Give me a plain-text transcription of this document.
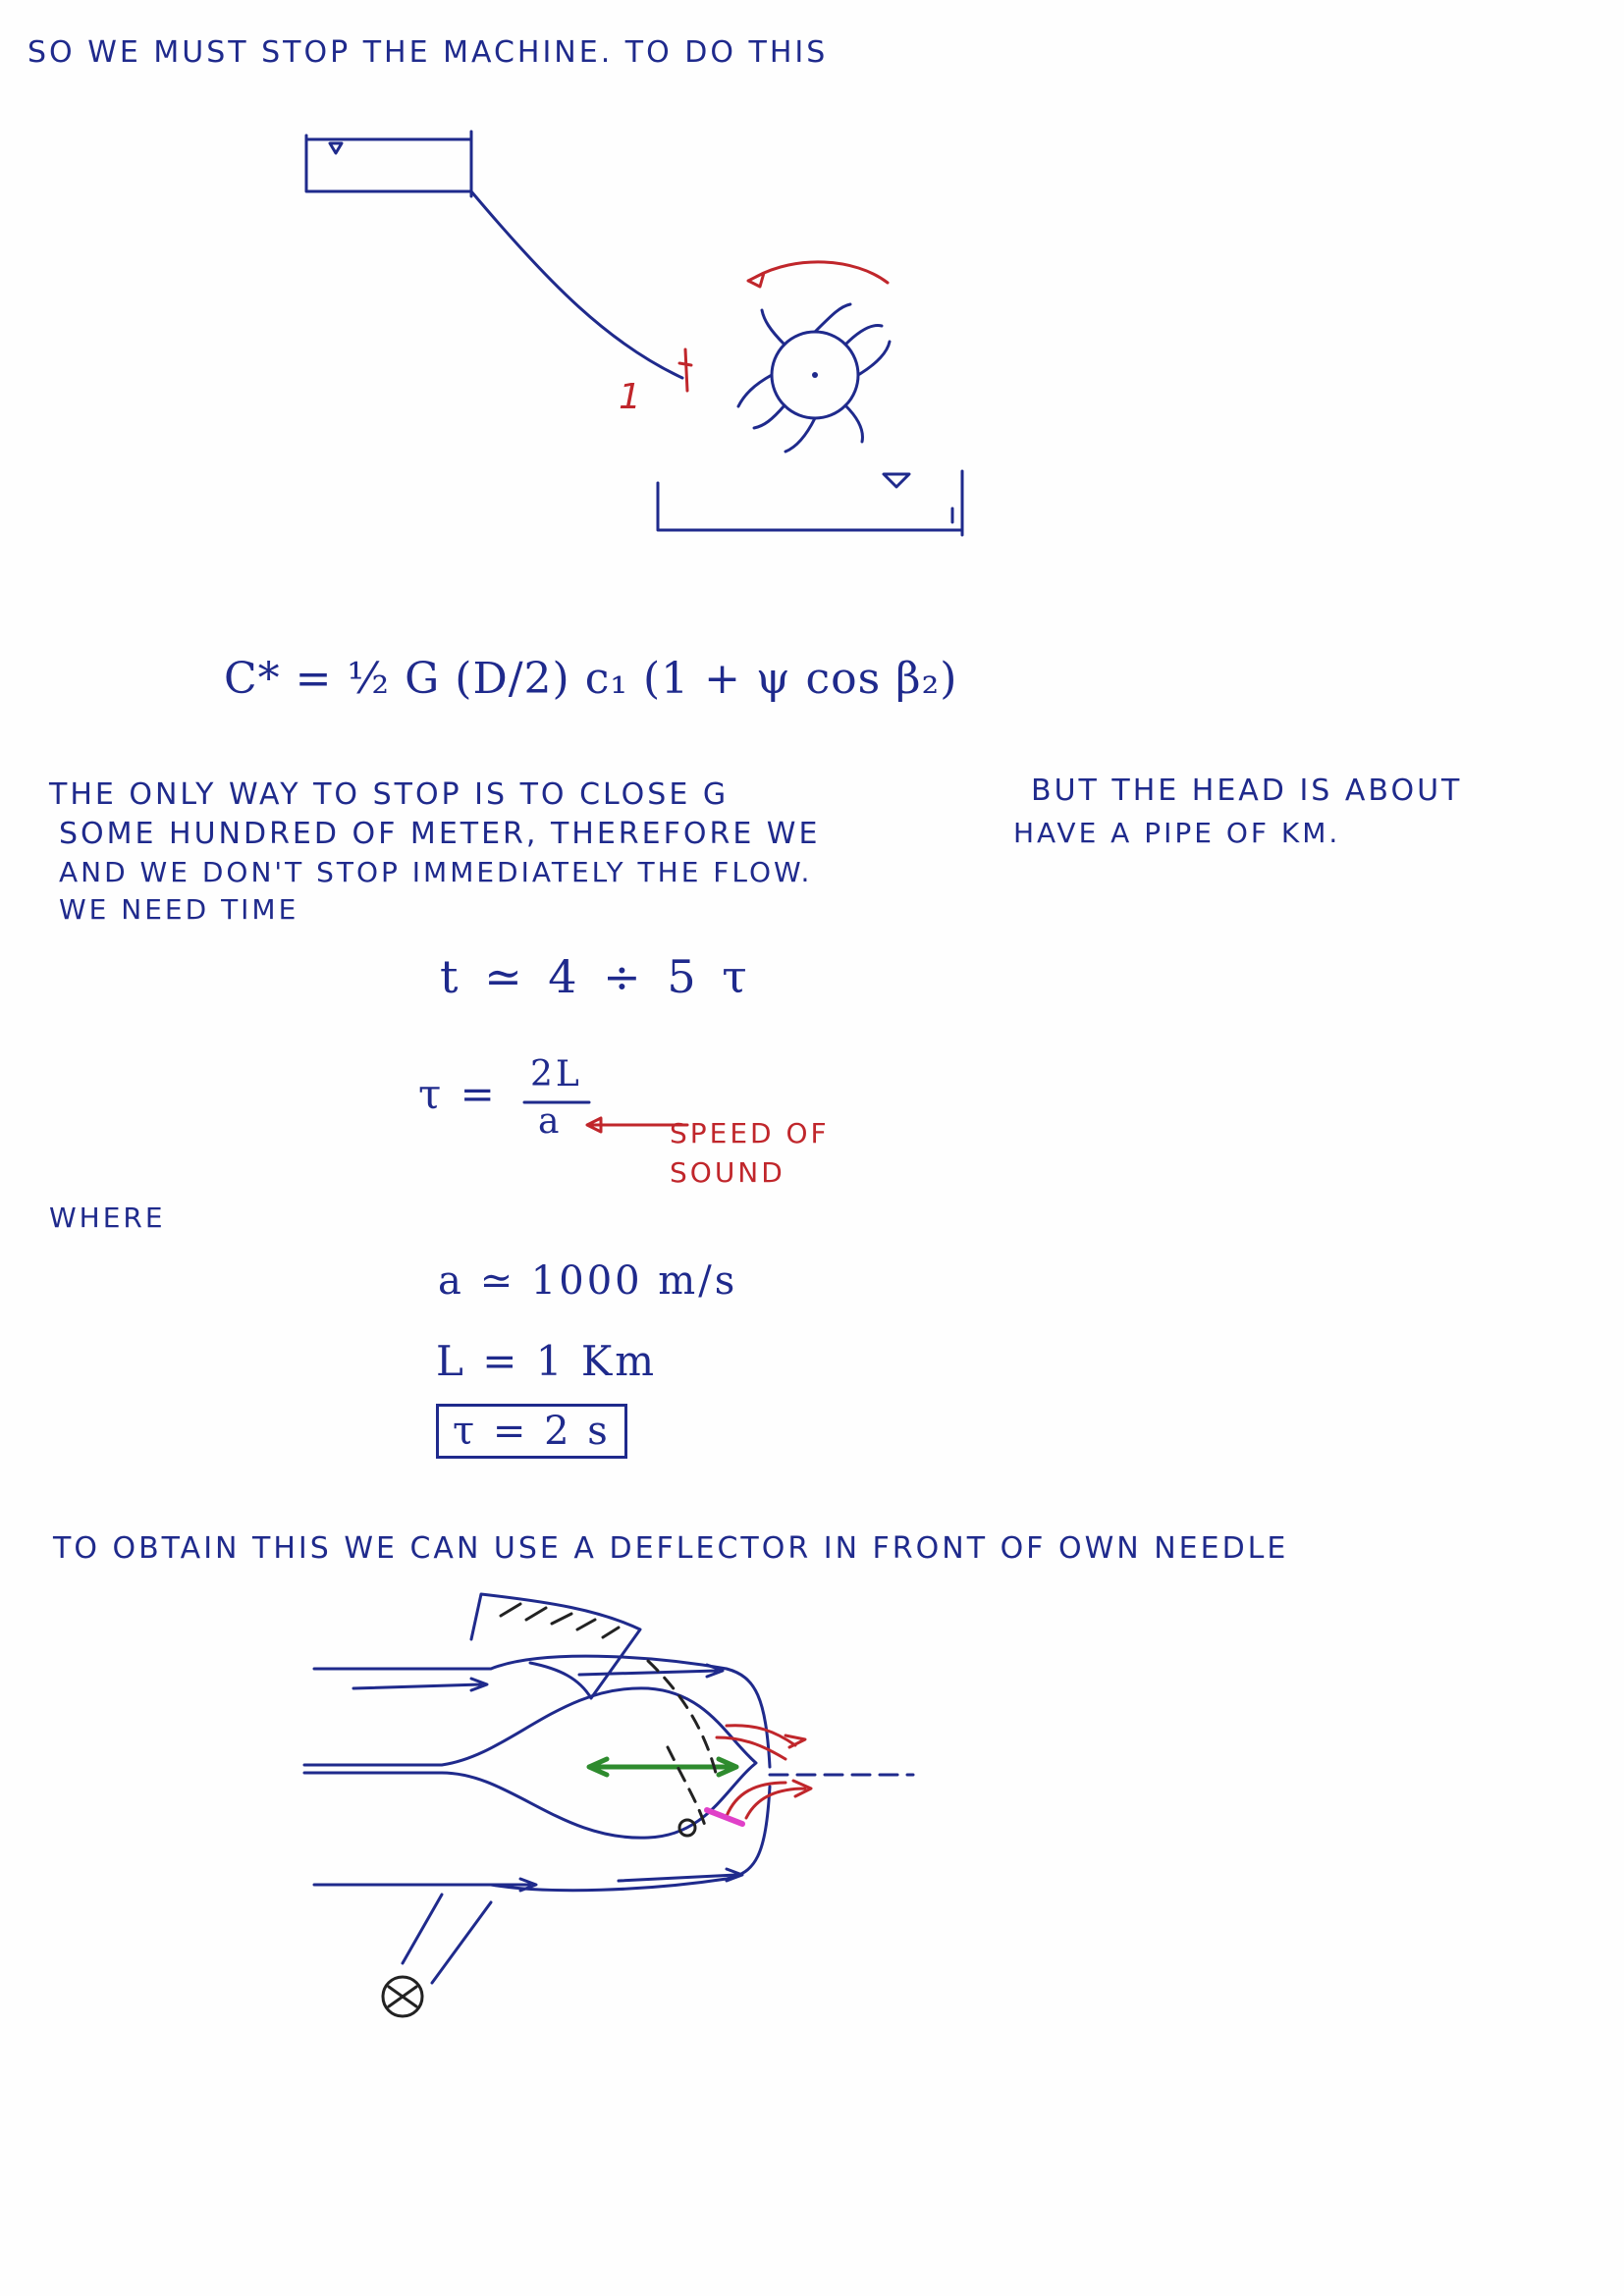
SO WE MUST STOP THE MACHINE. TO DO THIS
1
C* = ½ G (D/2) c₁ (1 + ψ cos β₂)
THE ONLY WAY TO STOP IS TO CLOSE G	BUT THE HEAD IS ABOUT
SOME HUNDRED OF METER, THEREFORE WE	HAVE A PIPE OF KM.
AND WE DON'T STOP IMMEDIATELY THE FLOW.
WE NEED TIME
t ≃ 4 ÷ 5 τ
τ = 2L
a	SPEED OF
SOUND
WHERE
a ≃ 1000 m/s
L = 1 Km
τ = 2 s
TO OBTAIN THIS WE CAN USE A DEFLECTOR IN FRONT OF OWN NEEDLE
